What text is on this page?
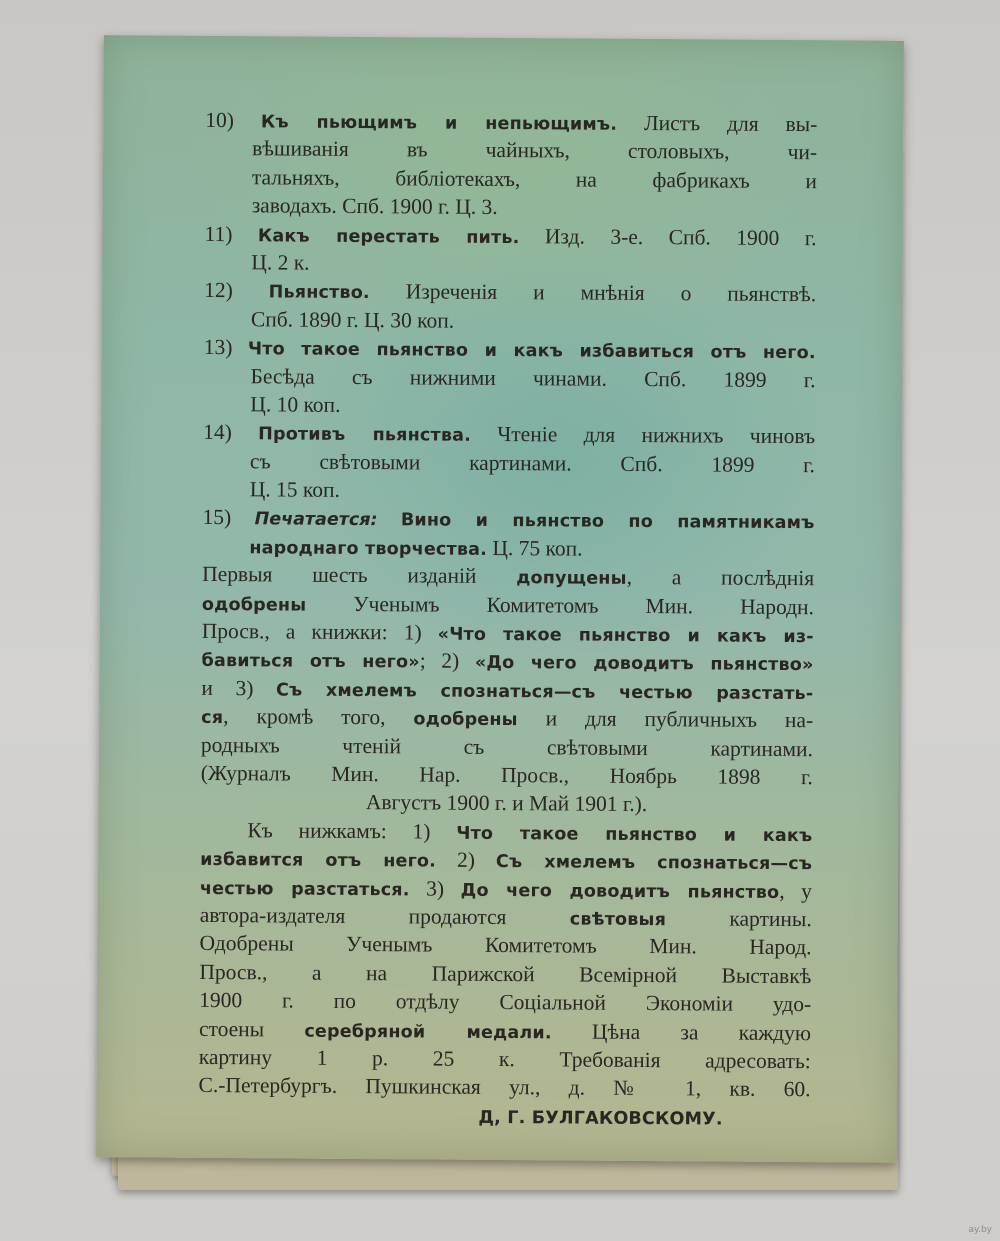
10) Къ пьющимъ и непьющимъ. Листъ для вы-
вѣшиванія въ чайныхъ, столовыхъ, чи-
тальняхъ, библіотекахъ, на фабрикахъ и
заводахъ. Спб. 1900 г. Ц. 3.
11) Какъ перестать пить. Изд. 3-е. Спб. 1900 г.
Ц. 2 к.
12) Пьянство. Изреченія и мнѣнія о пьянствѣ.
Спб. 1890 г. Ц. 30 коп.
13) Что такое пьянство и какъ избавиться отъ него.
Бесѣда съ нижними чинами. Спб. 1899 г.
Ц. 10 коп.
14) Противъ пьянства. Чтеніе для нижнихъ чиновъ
съ свѣтовыми картинами. Спб. 1899 г.
Ц. 15 коп.
15) Печатается: Вино и пьянство по памятникамъ
народнаго творчества. Ц. 75 коп.
Первыя шесть изданій допущены, а послѣднія
одобрены Ученымъ Комитетомъ Мин. Народн.
Просв., а книжки: 1) «Что такое пьянство и какъ из-
бавиться отъ него»; 2) «До чего доводитъ пьянство»
и 3) Съ хмелемъ спознаться—съ честью разстать-
ся, кромѣ того, одобрены и для публичныхъ на-
родныхъ чтеній съ свѣтовыми картинами.
(Журналъ Мин. Нар. Просв., Ноябрь 1898 г.
Августъ 1900 г. и Май 1901 г.).
Къ нижкамъ: 1) Что такое пьянство и какъ
избавится отъ него. 2) Съ хмелемъ спознаться—съ
честью разстаться. 3) До чего доводитъ пьянство, у
автора-издателя продаются свѣтовыя картины.
Одобрены Ученымъ Комитетомъ Мин. Народ.
Просв., а на Парижской Всемірной Выставкѣ
1900 г. по отдѣлу Соціальной Экономіи удо-
стоены серебряной медали. Цѣна за каждую
картину 1 р. 25 к. Требованія адресовать:
С.-Петербургъ. Пушкинская ул., д. № 1, кв. 60.
Д, Г. БУЛГАКОВСКОМУ.
ay.by
